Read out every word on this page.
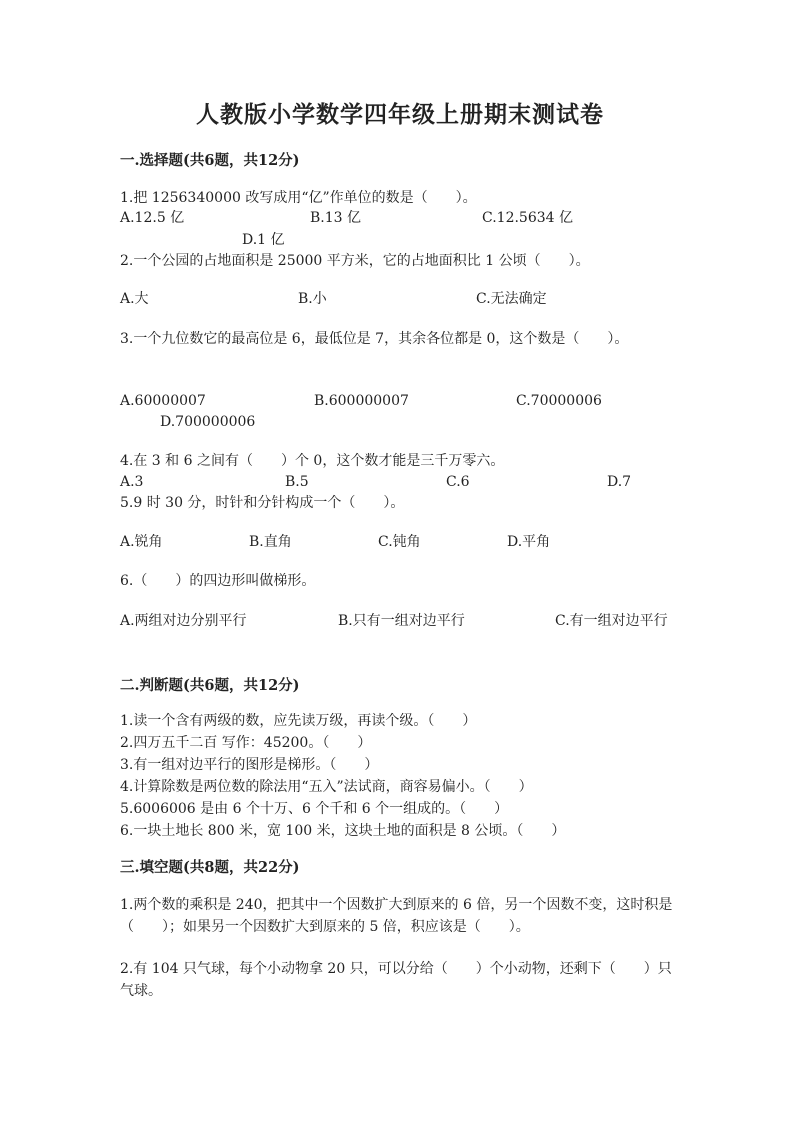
人教版小学数学四年级上册期末测试卷
一.选择题(共6题，共12分)
1.把 1256340000 改写成用“亿”作单位的数是（　　）。
A.12.5 亿	B.13 亿	C.12.5634 亿
D.1 亿
2.一个公园的占地面积是 25000 平方米，它的占地面积比 1 公顷（　　）。
A.大	B.小	C.无法确定
3.一个九位数它的最高位是 6，最低位是 7，其余各位都是 0，这个数是（　　）。
A.60000007	B.600000007	C.70000006
D.700000006
4.在 3 和 6 之间有（　　）个 0，这个数才能是三千万零六。
A.3	B.5	C.6	D.7
5.9 时 30 分，时针和分针构成一个（　　）。
A.锐角	B.直角	C.钝角	D.平角
6.（　　）的四边形叫做梯形。
A.两组对边分别平行	B.只有一组对边平行	C.有一组对边平行
二.判断题(共6题，共12分)
1.读一个含有两级的数，应先读万级，再读个级。（　　）
2.四万五千二百 写作：45200。（　　）
3.有一组对边平行的图形是梯形。（　　）
4.计算除数是两位数的除法用“五入”法试商，商容易偏小。（　　）
5.6006006 是由 6 个十万、6 个千和 6 个一组成的。（　　）
6.一块土地长 800 米，宽 100 米，这块土地的面积是 8 公顷。（　　）
三.填空题(共8题，共22分)
1.两个数的乘积是 240，把其中一个因数扩大到原来的 6 倍，另一个因数不变，这时积是（　　）；如果另一个因数扩大到原来的 5 倍，积应该是（　　）。
2.有 104 只气球，每个小动物拿 20 只，可以分给（　　）个小动物，还剩下（　　）只气球。
